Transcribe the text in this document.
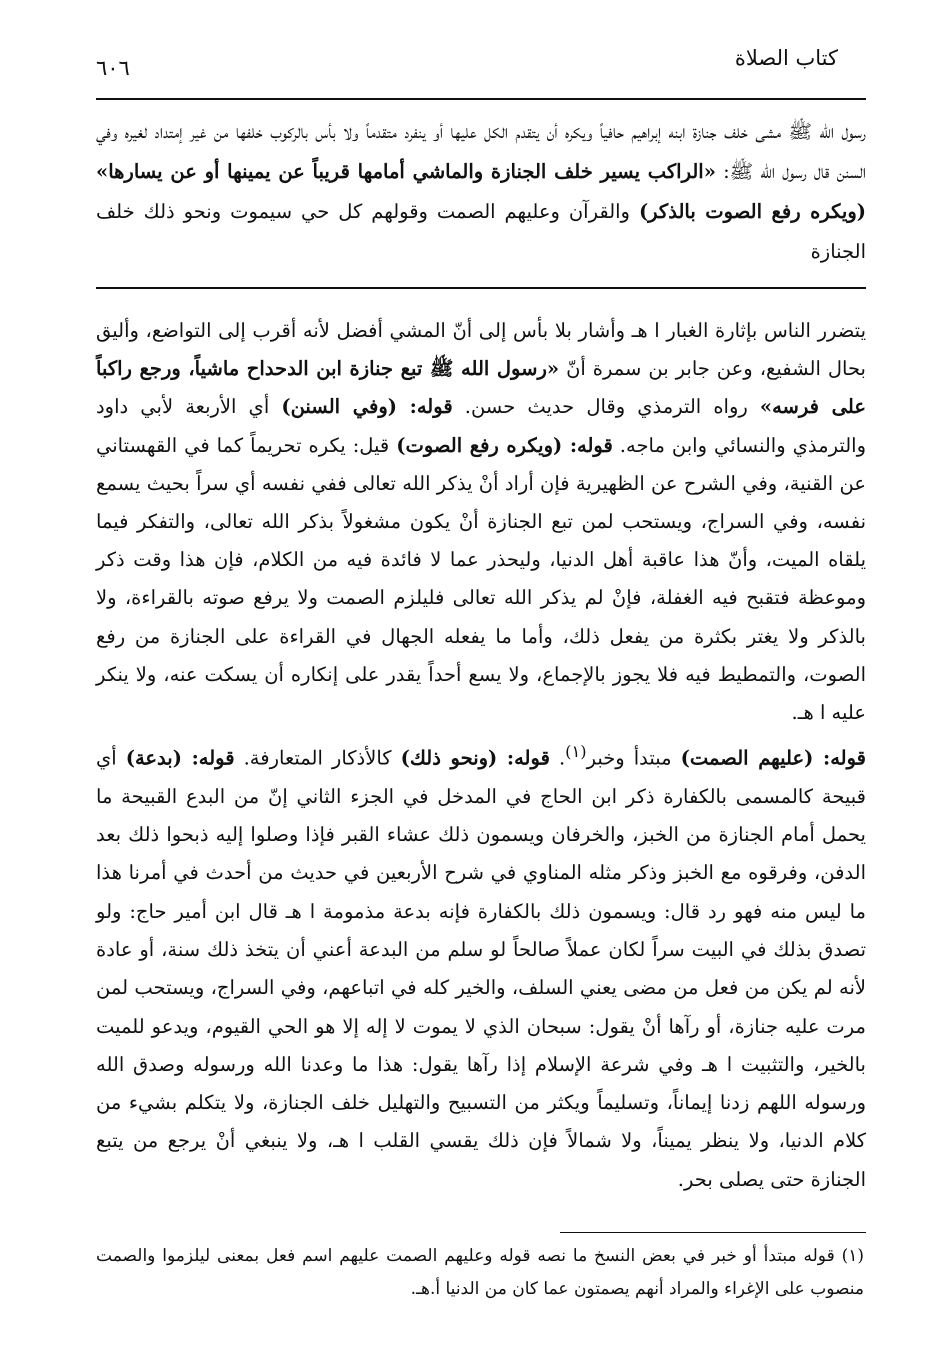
كتاب الصلاة
٦٠٦

رسول الله ﷺ مشى خلف جنازة ابنه إبراهيم حافياً ويكره أن يتقدم الكل عليها أو ينفرد متقدماً ولا بأس بالركوب خلفها من غير إمتداد لغيره وفي السنن قال رسول الله ﷺ: «الراكب يسير خلف الجنازة والماشي أمامها قريباً عن يمينها أو عن يسارها» (ويكره رفع الصوت بالذكر) والقرآن وعليهم الصمت وقولهم كل حي سيموت ونحو ذلك خلف الجنازة

يتضرر الناس بإثارة الغبار ا هـ وأشار بلا بأس إلى أنّ المشي أفضل لأنه أقرب إلى التواضع، وأليق بحال الشفيع، وعن جابر بن سمرة أنّ «رسول الله ﷺ تبع جنازة ابن الدحداح ماشياً، ورجع راكباً على فرسه» رواه الترمذي وقال حديث حسن. قوله: (وفي السنن) أي الأربعة لأبي داود والترمذي والنسائي وابن ماجه. قوله: (ويكره رفع الصوت) قيل: يكره تحريماً كما في القهستاني عن القنية، وفي الشرح عن الظهيرية فإن أراد أنْ يذكر الله تعالى ففي نفسه أي سراً بحيث يسمع نفسه، وفي السراج، ويستحب لمن تبع الجنازة أنْ يكون مشغولاً بذكر الله تعالى، والتفكر فيما يلقاه الميت، وأنّ هذا عاقبة أهل الدنيا، وليحذر عما لا فائدة فيه من الكلام، فإن هذا وقت ذكر وموعظة فتقبح فيه الغفلة، فإنْ لم يذكر الله تعالى فليلزم الصمت ولا يرفع صوته بالقراءة، ولا بالذكر ولا يغتر بكثرة من يفعل ذلك، وأما ما يفعله الجهال في القراءة على الجنازة من رفع الصوت، والتمطيط فيه فلا يجوز بالإجماع، ولا يسع أحداً يقدر على إنكاره أن يسكت عنه، ولا ينكر عليه ا هـ.

قوله: (عليهم الصمت) مبتدأ وخبر$^{(١)}$. قوله: (ونحو ذلك) كالأذكار المتعارفة. قوله: (بدعة) أي قبيحة كالمسمى بالكفارة ذكر ابن الحاج في المدخل في الجزء الثاني إنّ من البدع القبيحة ما يحمل أمام الجنازة من الخبز، والخرفان ويسمون ذلك عشاء القبر فإذا وصلوا إليه ذبحوا ذلك بعد الدفن، وفرقوه مع الخبز وذكر مثله المناوي في شرح الأربعين في حديث من أحدث في أمرنا هذا ما ليس منه فهو رد قال: ويسمون ذلك بالكفارة فإنه بدعة مذمومة ا هـ قال ابن أمير حاج: ولو تصدق بذلك في البيت سراً لكان عملاً صالحاً لو سلم من البدعة أعني أن يتخذ ذلك سنة، أو عادة لأنه لم يكن من فعل من مضى يعني السلف، والخير كله في اتباعهم، وفي السراج، ويستحب لمن مرت عليه جنازة، أو رآها أنْ يقول: سبحان الذي لا يموت لا إله إلا هو الحي القيوم، ويدعو للميت بالخير، والتثبيت ا هـ وفي شرعة الإسلام إذا رآها يقول: هذا ما وعدنا الله ورسوله وصدق الله ورسوله اللهم زدنا إيماناً، وتسليماً ويكثر من التسبيح والتهليل خلف الجنازة، ولا يتكلم بشيء من كلام الدنيا، ولا ينظر يميناً، ولا شمالاً فإن ذلك يقسي القلب ا هـ، ولا ينبغي أنْ يرجع من يتبع الجنازة حتى يصلى بحر.

(١) قوله مبتدأ أو خبر في بعض النسخ ما نصه قوله وعليهم الصمت عليهم اسم فعل بمعنى ليلزموا والصمت منصوب على الإغراء والمراد أنهم يصمتون عما كان من الدنيا أ.هـ.
